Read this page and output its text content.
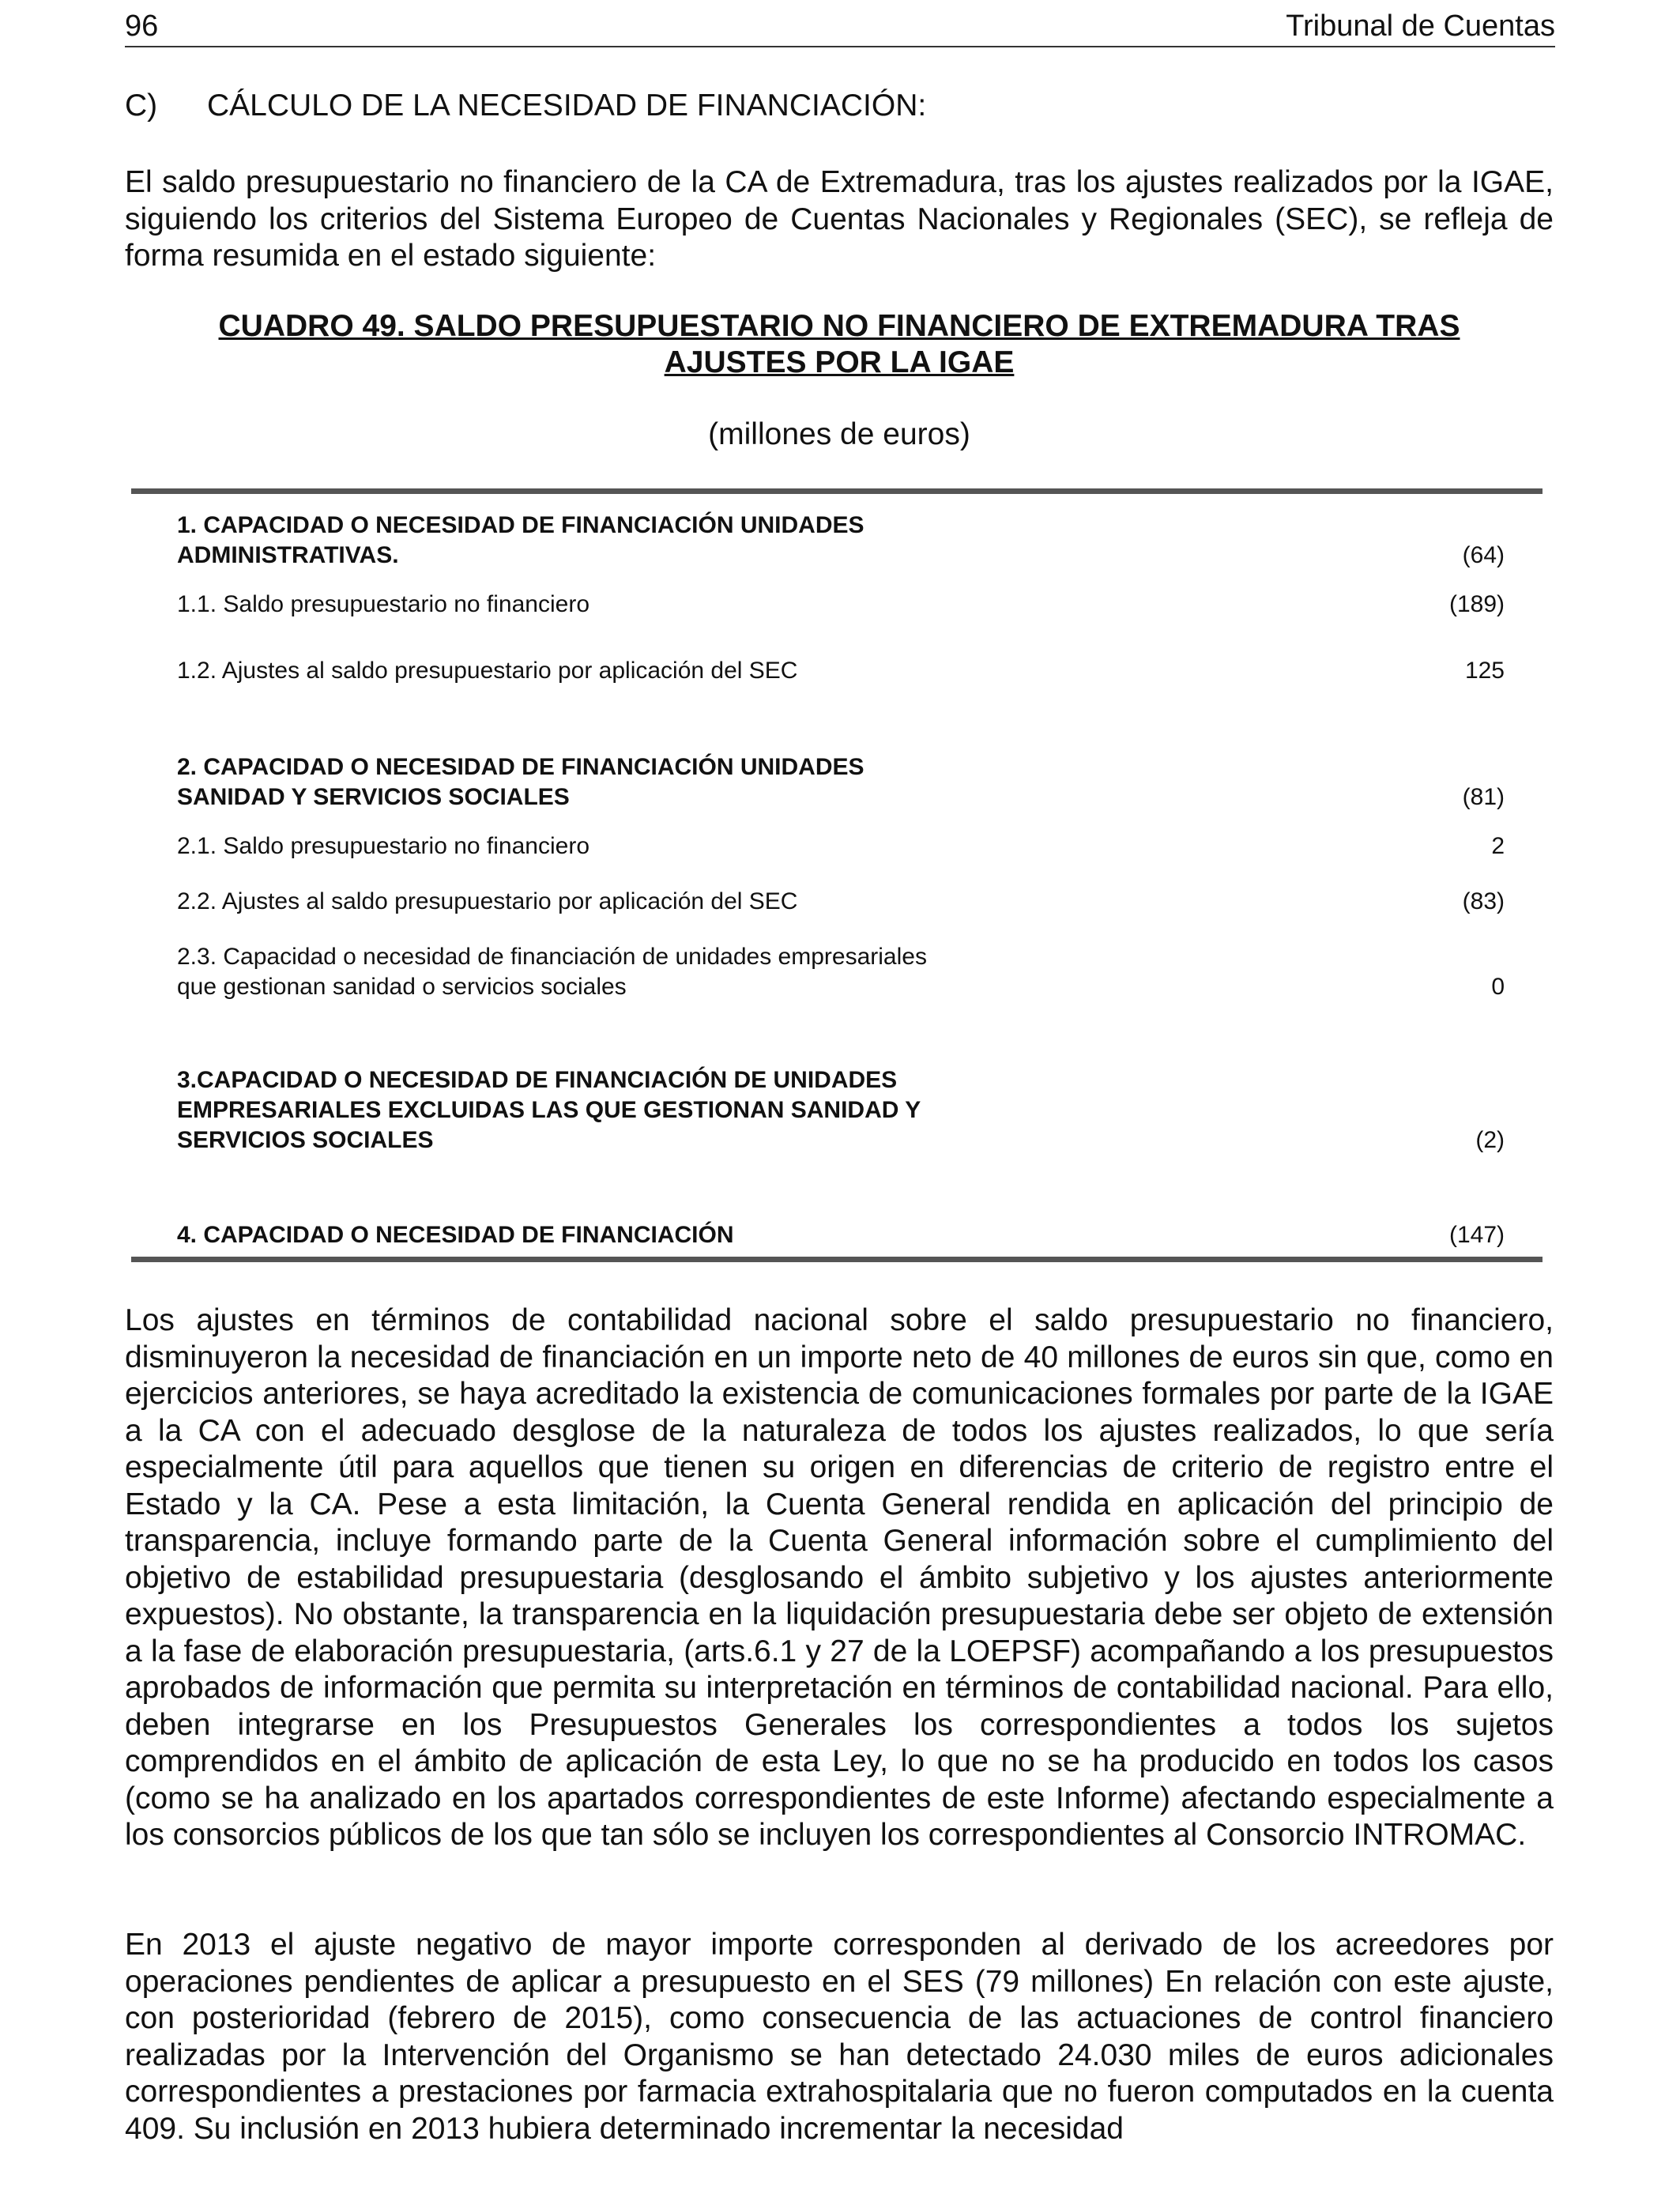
96	Tribunal de Cuentas
C) CÁLCULO DE LA NECESIDAD DE FINANCIACIÓN:
El saldo presupuestario no financiero de la CA de Extremadura, tras los ajustes realizados por la IGAE, siguiendo los criterios del Sistema Europeo de Cuentas Nacionales y Regionales (SEC), se refleja de forma resumida en el estado siguiente:
CUADRO 49. SALDO PRESUPUESTARIO NO FINANCIERO DE EXTREMADURA TRAS
AJUSTES POR LA IGAE
(millones de euros)
1. CAPACIDAD O NECESIDAD DE FINANCIACIÓN UNIDADES
ADMINISTRATIVAS.	(64)
1.1. Saldo presupuestario no financiero	(189)
1.2. Ajustes al saldo presupuestario por aplicación del SEC	125
2. CAPACIDAD O NECESIDAD DE FINANCIACIÓN UNIDADES
SANIDAD Y SERVICIOS SOCIALES	(81)
2.1. Saldo presupuestario no financiero	2
2.2. Ajustes al saldo presupuestario por aplicación del SEC	(83)
2.3. Capacidad o necesidad de financiación de unidades empresariales
que gestionan sanidad o servicios sociales	0
3.CAPACIDAD O NECESIDAD DE FINANCIACIÓN DE UNIDADES
EMPRESARIALES EXCLUIDAS LAS QUE GESTIONAN SANIDAD Y
SERVICIOS SOCIALES	(2)
4. CAPACIDAD O NECESIDAD DE FINANCIACIÓN	(147)
Los ajustes en términos de contabilidad nacional sobre el saldo presupuestario no financiero, disminuyeron la necesidad de financiación en un importe neto de 40 millones de euros sin que, como en ejercicios anteriores, se haya acreditado la existencia de comunicaciones formales por parte de la IGAE a la CA con el adecuado desglose de la naturaleza de todos los ajustes realizados, lo que sería especialmente útil para aquellos que tienen su origen en diferencias de criterio de registro entre el Estado y la CA. Pese a esta limitación, la Cuenta General rendida en aplicación del principio de transparencia, incluye formando parte de la Cuenta General información sobre el cumplimiento del objetivo de estabilidad presupuestaria (desglosando el ámbito subjetivo y los ajustes anteriormente expuestos). No obstante, la transparencia en la liquidación presupuestaria debe ser objeto de extensión a la fase de elaboración presupuestaria, (arts.6.1 y 27 de la LOEPSF) acompañando a los presupuestos aprobados de información que permita su interpretación en términos de contabilidad nacional. Para ello, deben integrarse en los Presupuestos Generales los correspondientes a todos los sujetos comprendidos en el ámbito de aplicación de esta Ley, lo que no se ha producido en todos los casos (como se ha analizado en los apartados correspondientes de este Informe) afectando especialmente a los consorcios públicos de los que tan sólo se incluyen los correspondientes al Consorcio INTROMAC.
En 2013 el ajuste negativo de mayor importe corresponden al derivado de los acreedores por operaciones pendientes de aplicar a presupuesto en el SES (79 millones) En relación con este ajuste, con posterioridad (febrero de 2015), como consecuencia de las actuaciones de control financiero realizadas por la Intervención del Organismo se han detectado 24.030 miles de euros adicionales correspondientes a prestaciones por farmacia extrahospitalaria que no fueron computados en la cuenta 409. Su inclusión en 2013 hubiera determinado incrementar la necesidad
